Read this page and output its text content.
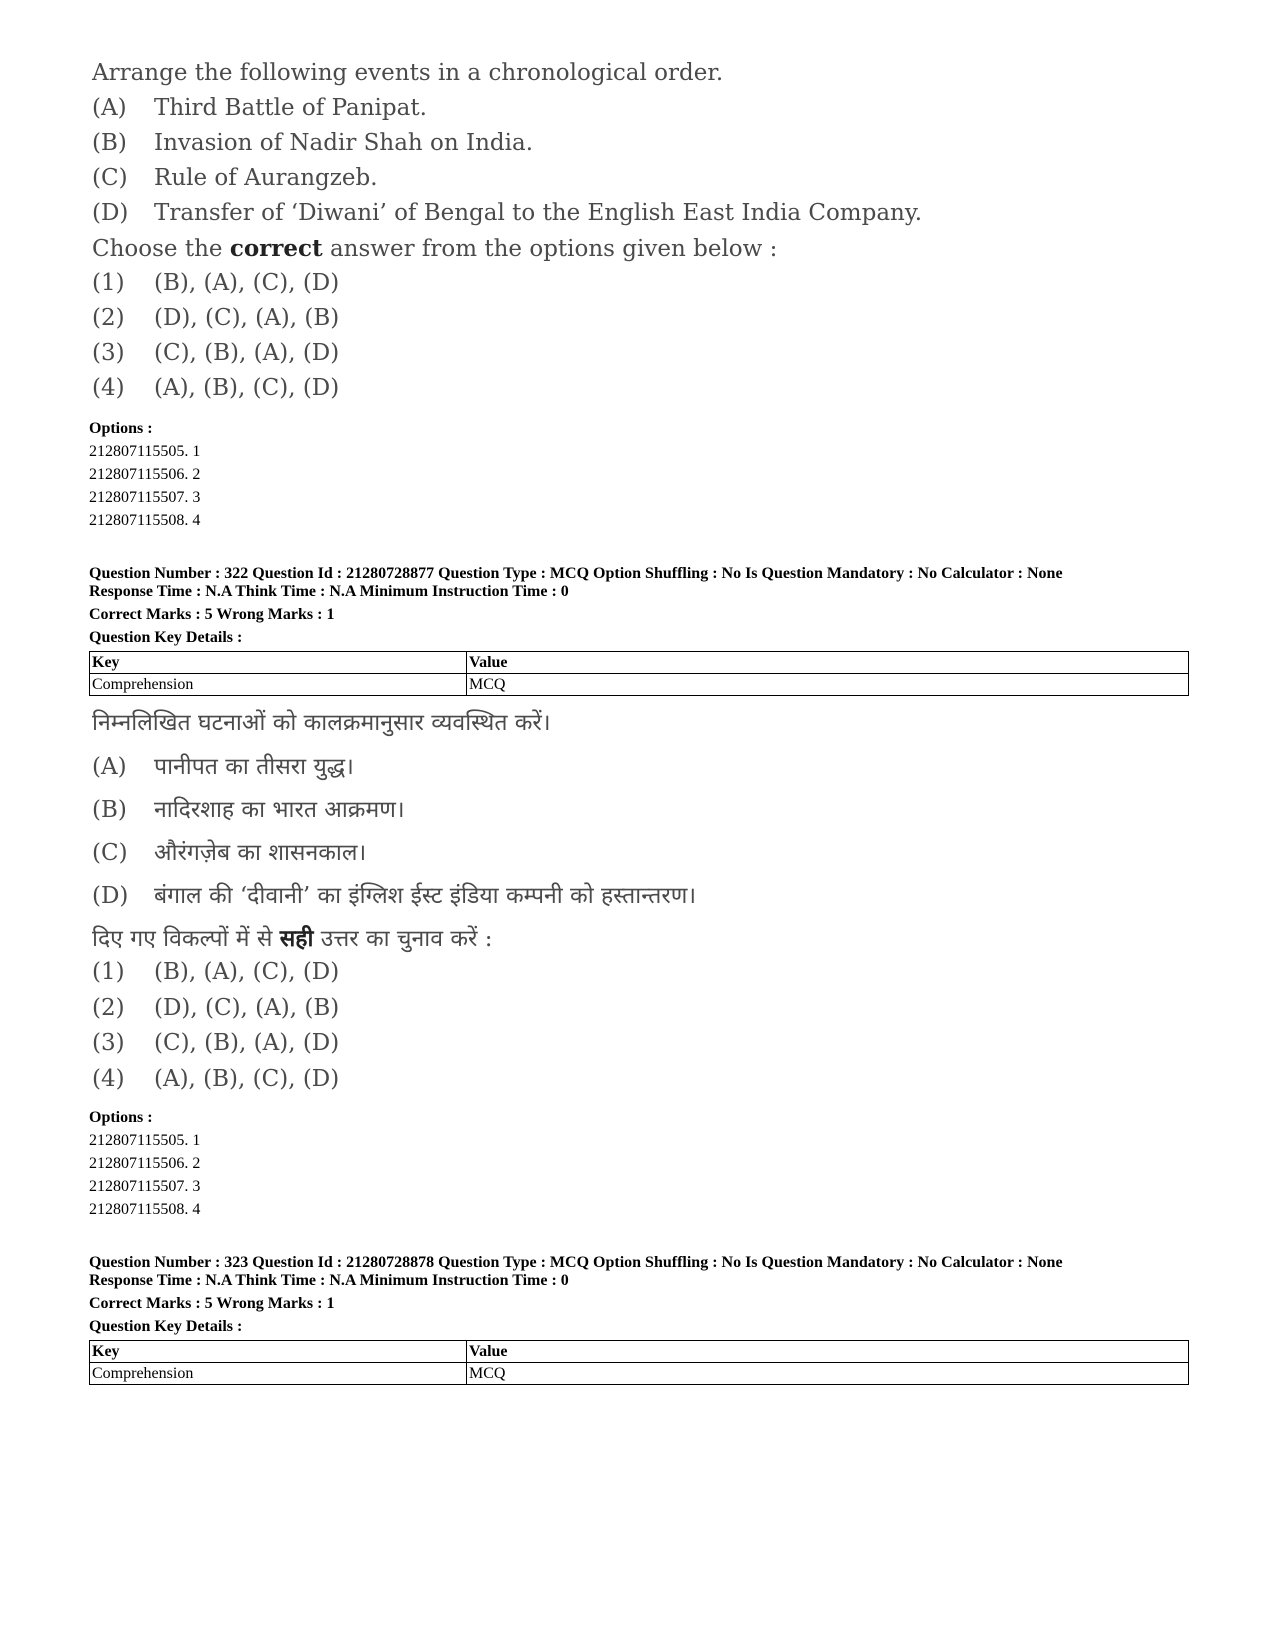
Arrange the following events in a chronological order.
(A) Third Battle of Panipat.
(B) Invasion of Nadir Shah on India.
(C) Rule of Aurangzeb.
(D) Transfer of ‘Diwani’ of Bengal to the English East India Company.
Choose the correct answer from the options given below :
(1) (B), (A), (C), (D)
(2) (D), (C), (A), (B)
(3) (C), (B), (A), (D)
(4) (A), (B), (C), (D)
Options :
212807115505. 1
212807115506. 2
212807115507. 3
212807115508. 4
Question Number : 322 Question Id : 21280728877 Question Type : MCQ Option Shuffling : No Is Question Mandatory : No Calculator : None
Response Time : N.A Think Time : N.A Minimum Instruction Time : 0
Correct Marks : 5 Wrong Marks : 1
Question Key Details :
Key	Value
Comprehension	MCQ
निम्नलिखित घटनाओं को कालक्रमानुसार व्यवस्थित करें।
(A) पानीपत का तीसरा युद्ध।
(B) नादिरशाह का भारत आक्रमण।
(C) औरंगज़ेब का शासनकाल।
(D) बंगाल की ‘दीवानी’ का इंग्लिश ईस्ट इंडिया कम्पनी को हस्तान्तरण।
दिए गए विकल्पों में से सही उत्तर का चुनाव करें :
(1) (B), (A), (C), (D)
(2) (D), (C), (A), (B)
(3) (C), (B), (A), (D)
(4) (A), (B), (C), (D)
Options :
212807115505. 1
212807115506. 2
212807115507. 3
212807115508. 4
Question Number : 323 Question Id : 21280728878 Question Type : MCQ Option Shuffling : No Is Question Mandatory : No Calculator : None
Response Time : N.A Think Time : N.A Minimum Instruction Time : 0
Correct Marks : 5 Wrong Marks : 1
Question Key Details :
Key	Value
Comprehension	MCQ
